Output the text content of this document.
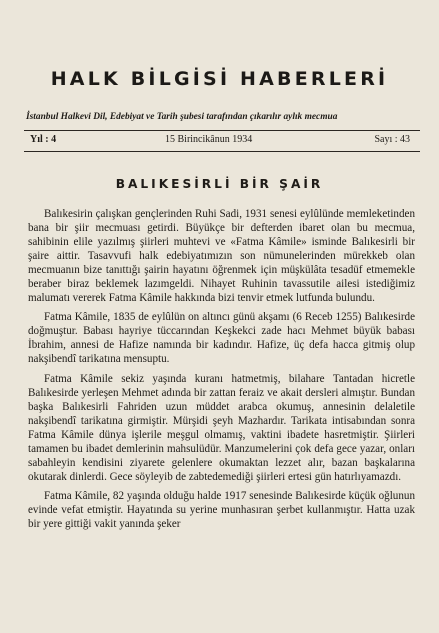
HALK BİLGİSİ HABERLERİ
İstanbul Halkevi Dil, Edebiyat ve Tarih şubesi tarafından çıkarılır aylık mecmua
Yıl : 4	15 Birincikânun 1934	Sayı : 43
BALIKESİRLİ BİR ŞAİR

Balıkesirin çalışkan gençlerinden Ruhi Sadi, 1931 senesi eylûlünde memleketinden bana bir şiir mecmuası getirdi. Büyükçe bir defterden ibaret olan bu mecmua, sahibinin elile yazılmış şiirleri muhtevi ve «Fatma Kâmile» isminde Balıkesirli bir şaire aittir. Tasavvufi halk edebiyatımızın son nümunelerinden mürekkeb olan mecmuanın bize tanıttığı şairin hayatını öğrenmek için müşkülâta tesadüf etmemekle beraber biraz beklemek lazımgeldi. Nihayet Ruhinin tavassutile ailesi istediğimiz malumatı vererek Fatma Kâmile hakkında bizi tenvir etmek lutfunda bulundu.

Fatma Kâmile, 1835 de eylûlün on altıncı günü akşamı (6 Receb 1255) Balıkesirde doğmuştur. Babası hayriye tüccarından Keşkekci zade hacı Mehmet büyük babası İbrahim, annesi de Hafize namında bir kadındır. Hafize, üç defa hacca gitmiş olup nakşibendî tarikatına mensuptu.

Fatma Kâmile sekiz yaşında kuranı hatmetmiş, bilahare Tantadan hicretle Balıkesirde yerleşen Mehmet adında bir zattan feraiz ve akait dersleri almıştır. Bundan başka Balıkesirli Fahriden uzun müddet arabca okumuş, annesinin delaletile nakşibendî tarikatına girmiştir. Mürşidi şeyh Mazhardır. Tarikata intisabından sonra Fatma Kâmile dünya işlerile meşgul olmamış, vaktini ibadete hasretmiştir. Şiirleri tamamen bu ibadet demlerinin mahsulüdür. Manzumelerini çok defa gece yazar, onları sabahleyin kendisini ziyarete gelenlere okumaktan lezzet alır, bazan başkalarına okutarak dinlerdi. Gece söyleyib de zabtedemediği şiirleri ertesi gün hatırlıyamazdı.

Fatma Kâmile, 82 yaşında olduğu halde 1917 senesinde Balıkesirde küçük oğlunun evinde vefat etmiştir. Hayatında su yerine munhasıran şerbet kullanmıştır. Hatta uzak bir yere gittiği vakit yanında şeker
